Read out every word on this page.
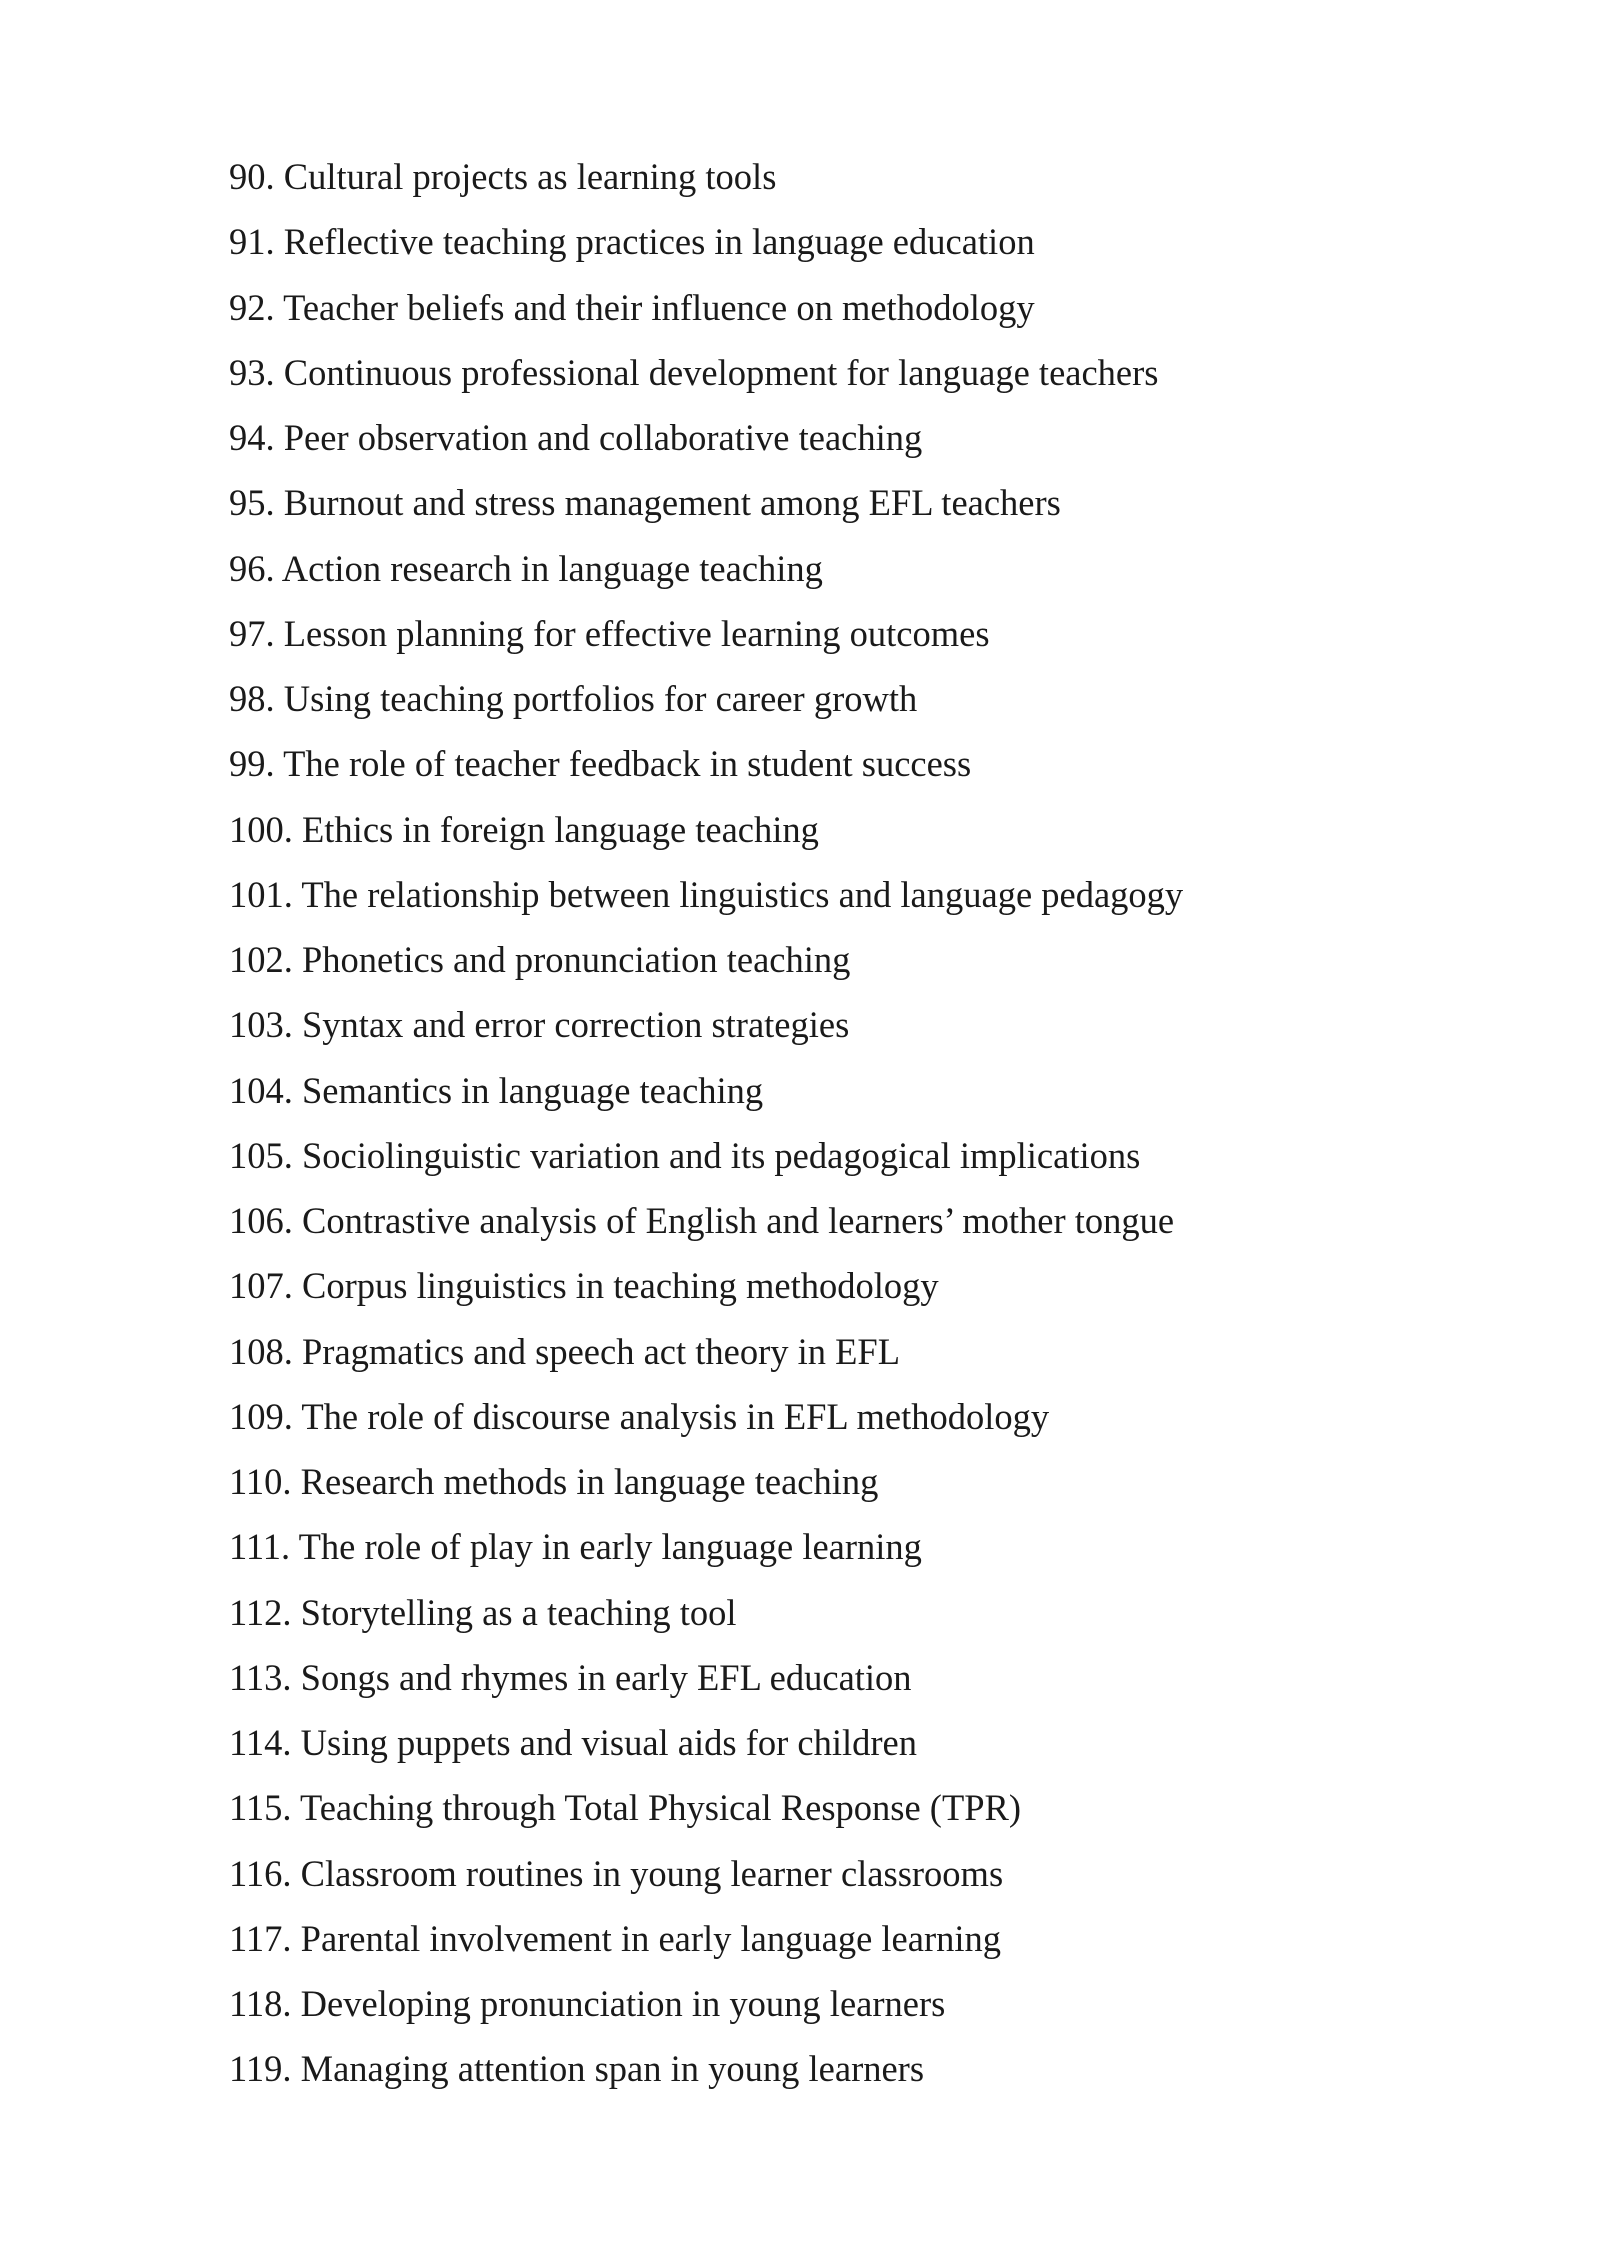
90. Cultural projects as learning tools
91. Reflective teaching practices in language education
92. Teacher beliefs and their influence on methodology
93. Continuous professional development for language teachers
94. Peer observation and collaborative teaching
95. Burnout and stress management among EFL teachers
96. Action research in language teaching
97. Lesson planning for effective learning outcomes
98. Using teaching portfolios for career growth
99. The role of teacher feedback in student success
100. Ethics in foreign language teaching
101. The relationship between linguistics and language pedagogy
102. Phonetics and pronunciation teaching
103. Syntax and error correction strategies
104. Semantics in language teaching
105. Sociolinguistic variation and its pedagogical implications
106. Contrastive analysis of English and learners’ mother tongue
107. Corpus linguistics in teaching methodology
108. Pragmatics and speech act theory in EFL
109. The role of discourse analysis in EFL methodology
110. Research methods in language teaching
111. The role of play in early language learning
112. Storytelling as a teaching tool
113. Songs and rhymes in early EFL education
114. Using puppets and visual aids for children
115. Teaching through Total Physical Response (TPR)
116. Classroom routines in young learner classrooms
117. Parental involvement in early language learning
118. Developing pronunciation in young learners
119. Managing attention span in young learners
